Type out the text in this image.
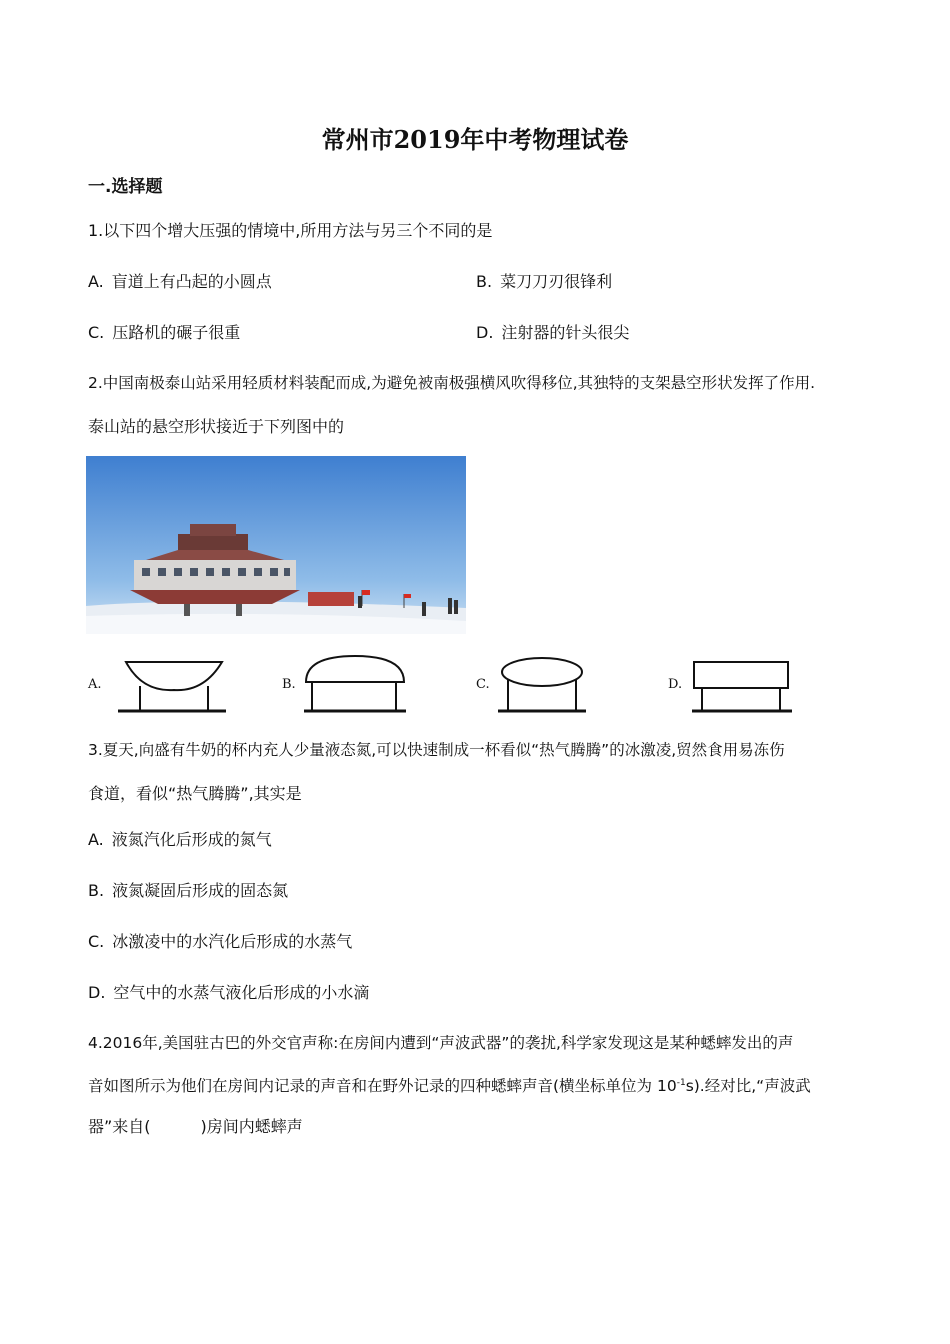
常州市2019年中考物理试卷
一.选择题
1.以下四个增大压强的情境中,所用方法与另三个不同的是
A. 盲道上有凸起的小圆点	B. 菜刀刀刃很锋利
C. 压路机的碾子很重	D. 注射器的针头很尖
2.中国南极泰山站采用轻质材料装配而成,为避免被南极强横风吹得移位,其独特的支架悬空形状发挥了作用.
泰山站的悬空形状接近于下列图中的
A.	B.	C.	D.
3.夏天,向盛有牛奶的杯内充人少量液态氮,可以快速制成一杯看似“热气腾腾”的冰激凌,贸然食用易冻伤
食道，看似“热气腾腾”,其实是
A. 液氮汽化后形成的氮气
B. 液氮凝固后形成的固态氮
C. 冰激凌中的水汽化后形成的水蒸气
D. 空气中的水蒸气液化后形成的小水滴
4.2016年,美国驻古巴的外交官声称:在房间内遭到“声波武器”的袭扰,科学家发现这是某种蟋蟀发出的声
音如图所示为他们在房间内记录的声音和在野外记录的四种蟋蟀声音(横坐标单位为 $10^{-1}s$).经对比,“声波武
器”来自(	)房间内蟋蟀声
